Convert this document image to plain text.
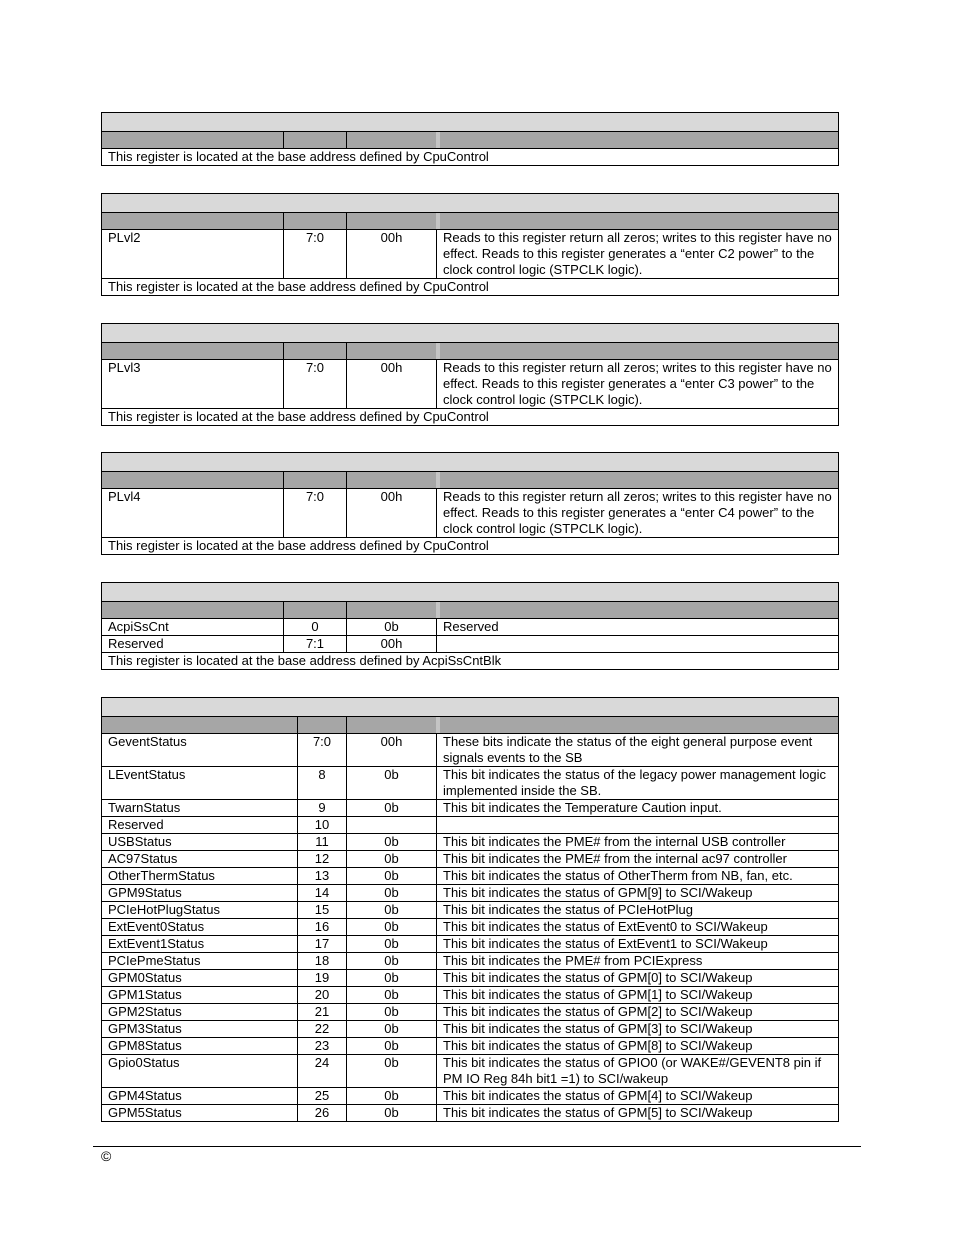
This register is located at the base address defined by CpuControl

PLvl2	7:0	00h	Reads to this register return all zeros; writes to this register have no effect. Reads to this register generates a “enter C2 power” to the clock control logic (STPCLK logic).
This register is located at the base address defined by CpuControl			

PLvl3	7:0	00h	Reads to this register return all zeros; writes to this register have no effect. Reads to this register generates a “enter C3 power” to the clock control logic (STPCLK logic).
This register is located at the base address defined by CpuControl			

PLvl4	7:0	00h	Reads to this register return all zeros; writes to this register have no effect. Reads to this register generates a “enter C4 power” to the clock control logic (STPCLK logic).
This register is located at the base address defined by CpuControl			

AcpiSsCnt	0	0b	Reserved
Reserved	7:1	00h	
This register is located at the base address defined by AcpiSsCntBlk			

GeventStatus	7:0	00h	These bits indicate the status of the eight general purpose event signals events to the SB
LEventStatus	8	0b	This bit indicates the status of the legacy power management logic implemented inside the SB.
TwarnStatus	9	0b	This bit indicates the Temperature Caution input.
Reserved	10		
USBStatus	11	0b	This bit indicates the PME# from the internal USB controller
AC97Status	12	0b	This bit indicates the PME# from the internal ac97 controller
OtherThermStatus	13	0b	This bit indicates the status of OtherTherm from NB, fan, etc.
GPM9Status	14	0b	This bit indicates the status of GPM[9] to SCI/Wakeup
PCIeHotPlugStatus	15	0b	This bit indicates the status of PCIeHotPlug
ExtEvent0Status	16	0b	This bit indicates the status of ExtEvent0 to SCI/Wakeup
ExtEvent1Status	17	0b	This bit indicates the status of ExtEvent1 to SCI/Wakeup
PCIePmeStatus	18	0b	This bit indicates the PME# from PCIExpress
GPM0Status	19	0b	This bit indicates the status of GPM[0] to SCI/Wakeup
GPM1Status	20	0b	This bit indicates the status of GPM[1] to SCI/Wakeup
GPM2Status	21	0b	This bit indicates the status of GPM[2] to SCI/Wakeup
GPM3Status	22	0b	This bit indicates the status of GPM[3] to SCI/Wakeup
GPM8Status	23	0b	This bit indicates the status of GPM[8] to SCI/Wakeup
Gpio0Status	24	0b	This bit indicates the status of GPIO0 (or WAKE#/GEVENT8 pin if PM IO Reg 84h bit1 =1) to SCI/wakeup
GPM4Status	25	0b	This bit indicates the status of GPM[4] to SCI/Wakeup
GPM5Status	26	0b	This bit indicates the status of GPM[5] to SCI/Wakeup
©
